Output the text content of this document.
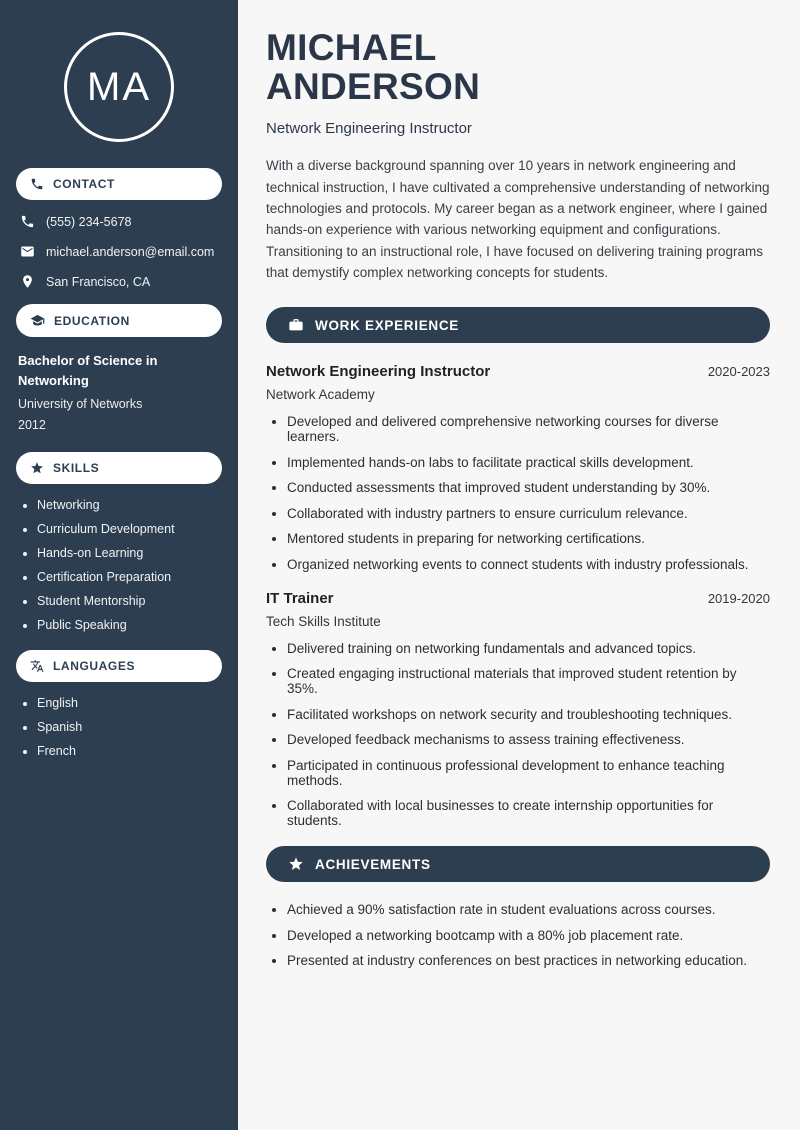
MA
CONTACT
(555) 234-5678
michael.anderson@email.com
San Francisco, CA
EDUCATION
Bachelor of Science in Networking
University of Networks
2012
SKILLS
• Networking
• Curriculum Development
• Hands-on Learning
• Certification Preparation
• Student Mentorship
• Public Speaking
LANGUAGES
• English
• Spanish
• French
MICHAEL
ANDERSON
Network Engineering Instructor

With a diverse background spanning over 10 years in network engineering and technical instruction, I have cultivated a comprehensive understanding of networking technologies and protocols. My career began as a network engineer, where I gained hands-on experience with various networking equipment and configurations. Transitioning to an instructional role, I have focused on delivering training programs that demystify complex networking concepts for students.

WORK EXPERIENCE
Network Engineering Instructor	2020-2023
Network Academy
• Developed and delivered comprehensive networking courses for diverse learners.
• Implemented hands-on labs to facilitate practical skills development.
• Conducted assessments that improved student understanding by 30%.
• Collaborated with industry partners to ensure curriculum relevance.
• Mentored students in preparing for networking certifications.
• Organized networking events to connect students with industry professionals.
IT Trainer	2019-2020
Tech Skills Institute
• Delivered training on networking fundamentals and advanced topics.
• Created engaging instructional materials that improved student retention by 35%.
• Facilitated workshops on network security and troubleshooting techniques.
• Developed feedback mechanisms to assess training effectiveness.
• Participated in continuous professional development to enhance teaching methods.
• Collaborated with local businesses to create internship opportunities for students.
ACHIEVEMENTS
• Achieved a 90% satisfaction rate in student evaluations across courses.
• Developed a networking bootcamp with a 80% job placement rate.
• Presented at industry conferences on best practices in networking education.
